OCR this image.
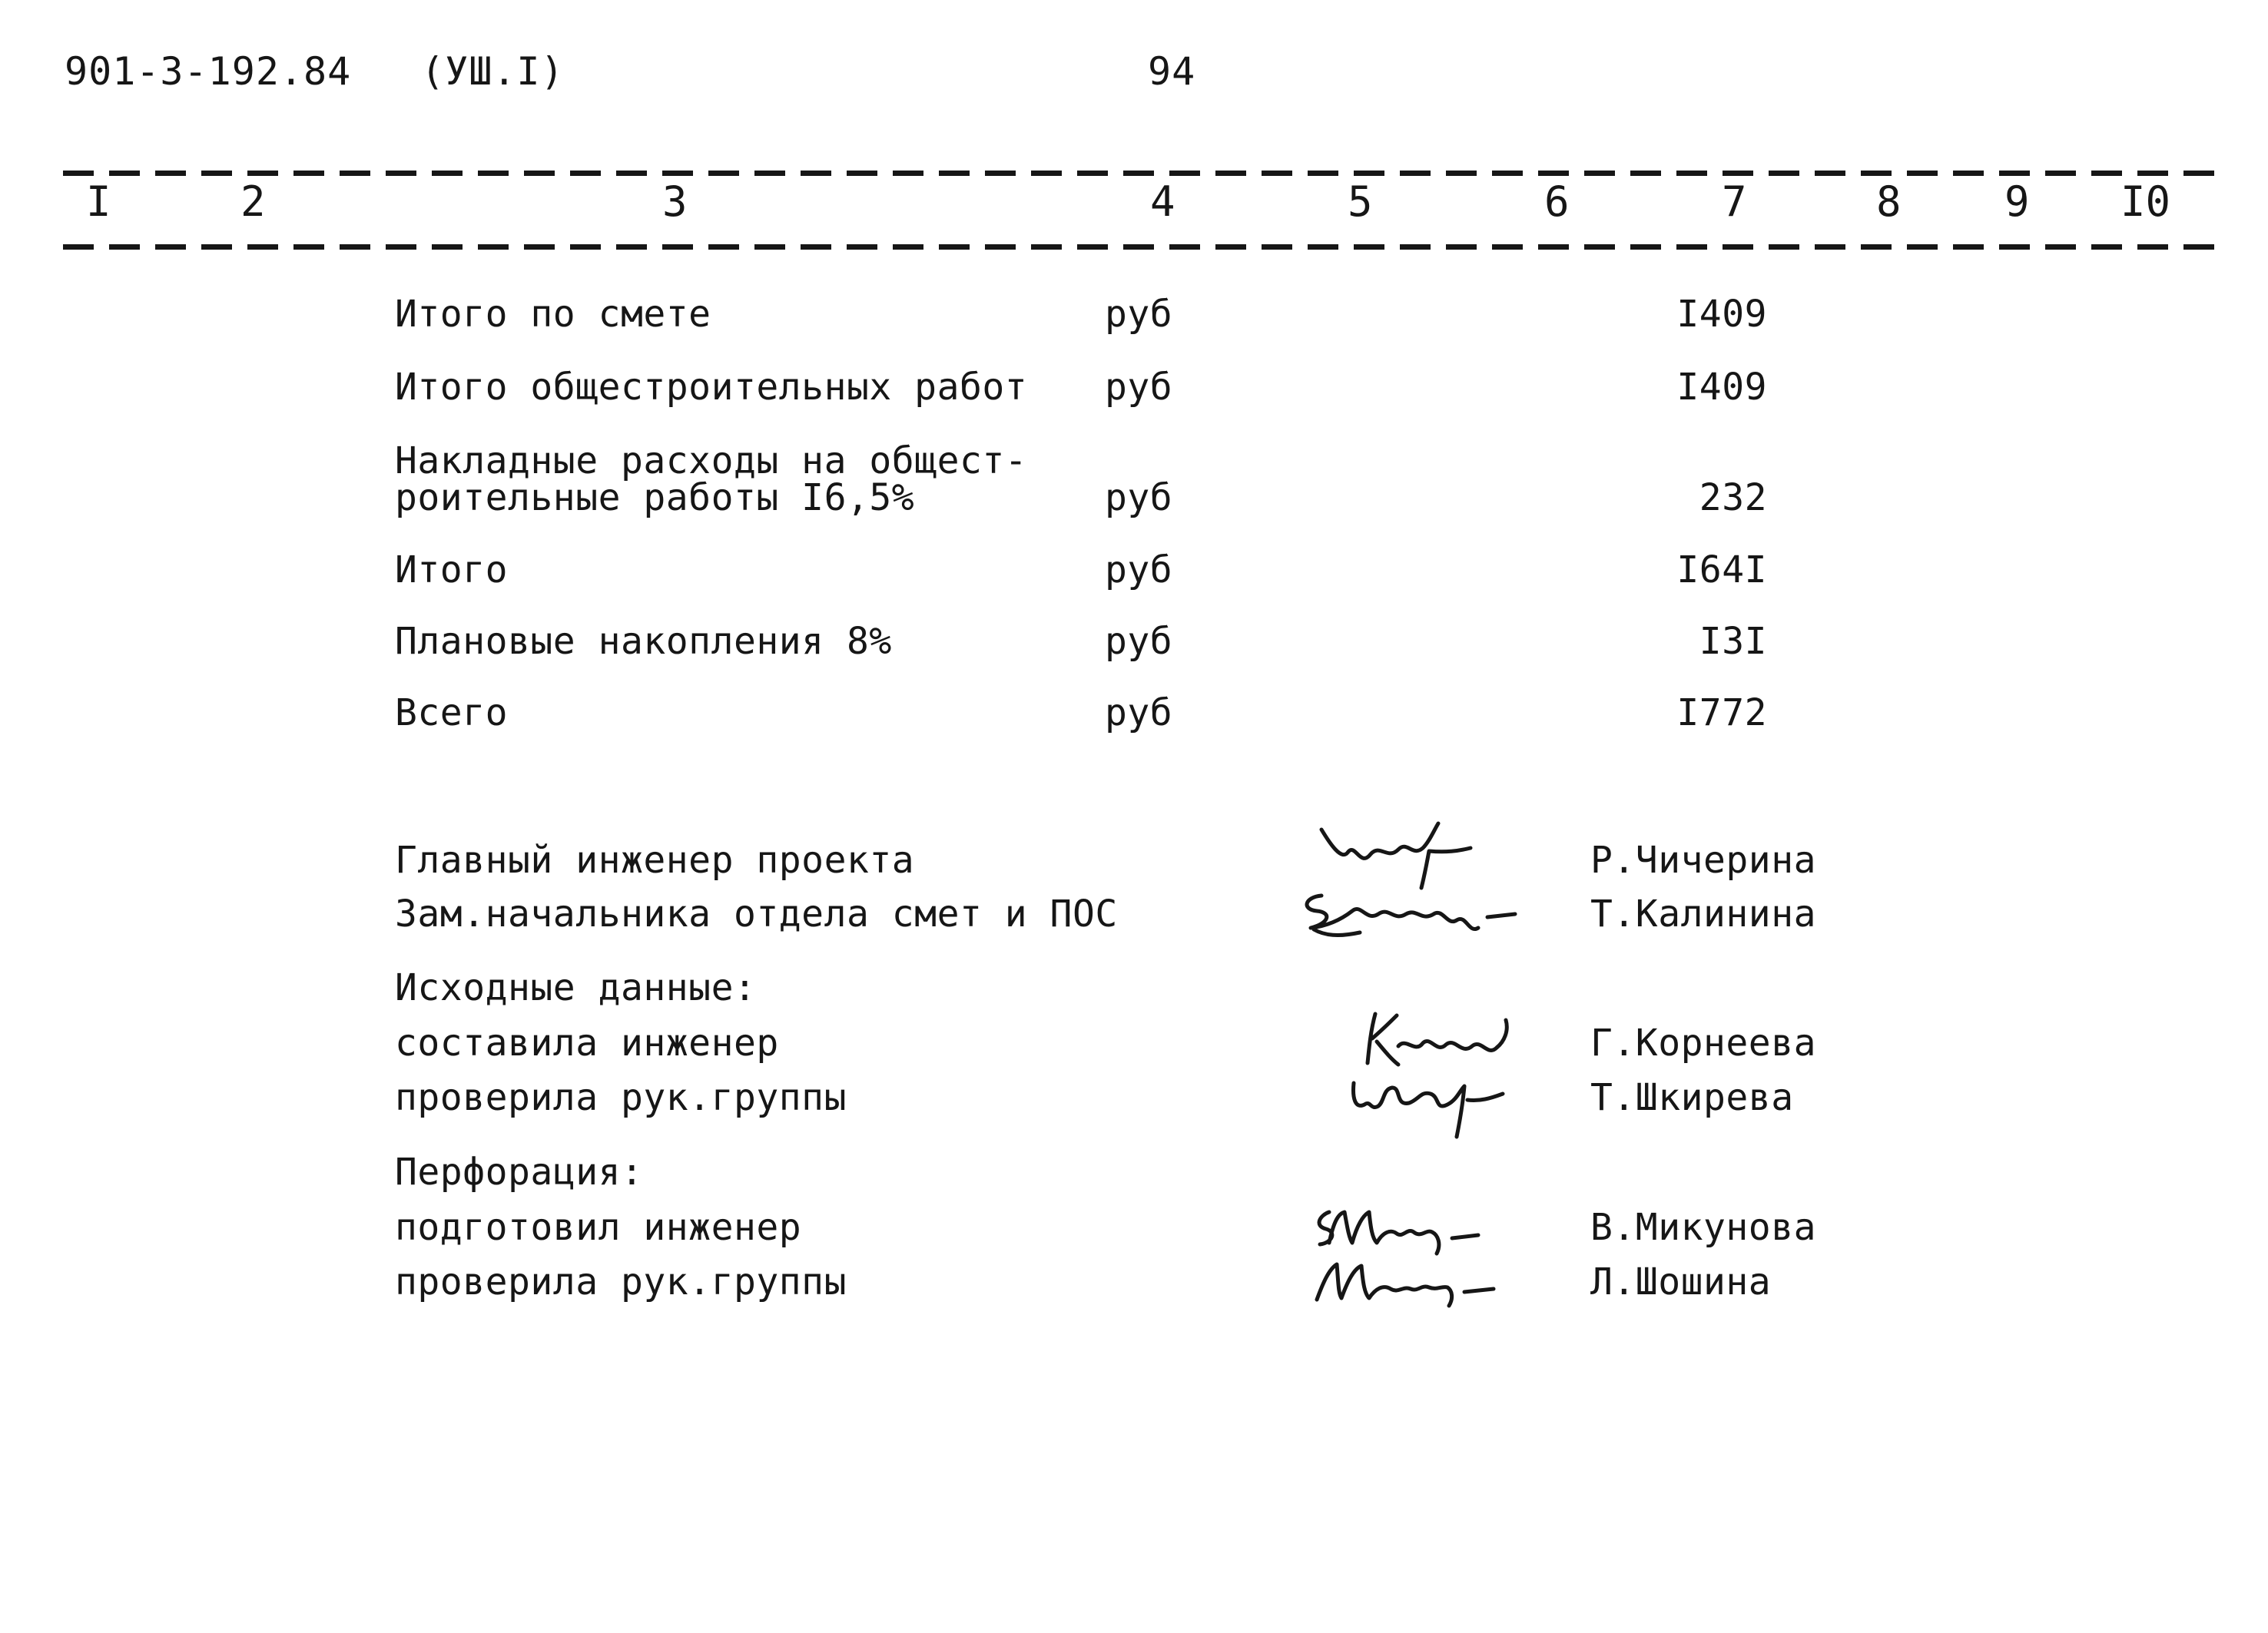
901-3-192.84 (УШ.I)	94
I	2	3	4	5	6	7	8 9 I0
Итого по смете	руб	I409
Итого общестроительных работ руб	I409
Накладные расходы на общест-
роительные работы I6,5%	руб	232
Итого	руб	I64I
Плановые накопления 8%	руб	I3I
Всего	руб	I772
Главный инженер проекта	Р.Чичерина
Зам.начальника отдела смет и ПОС	Т.Калинина
Исходные данные:
составила инженер	Г.Корнеева
проверила рук.группы	Т.Шкирева
Перфорация:
подготовил инженер	В.Микунова
проверила рук.группы	Л.Шошина
